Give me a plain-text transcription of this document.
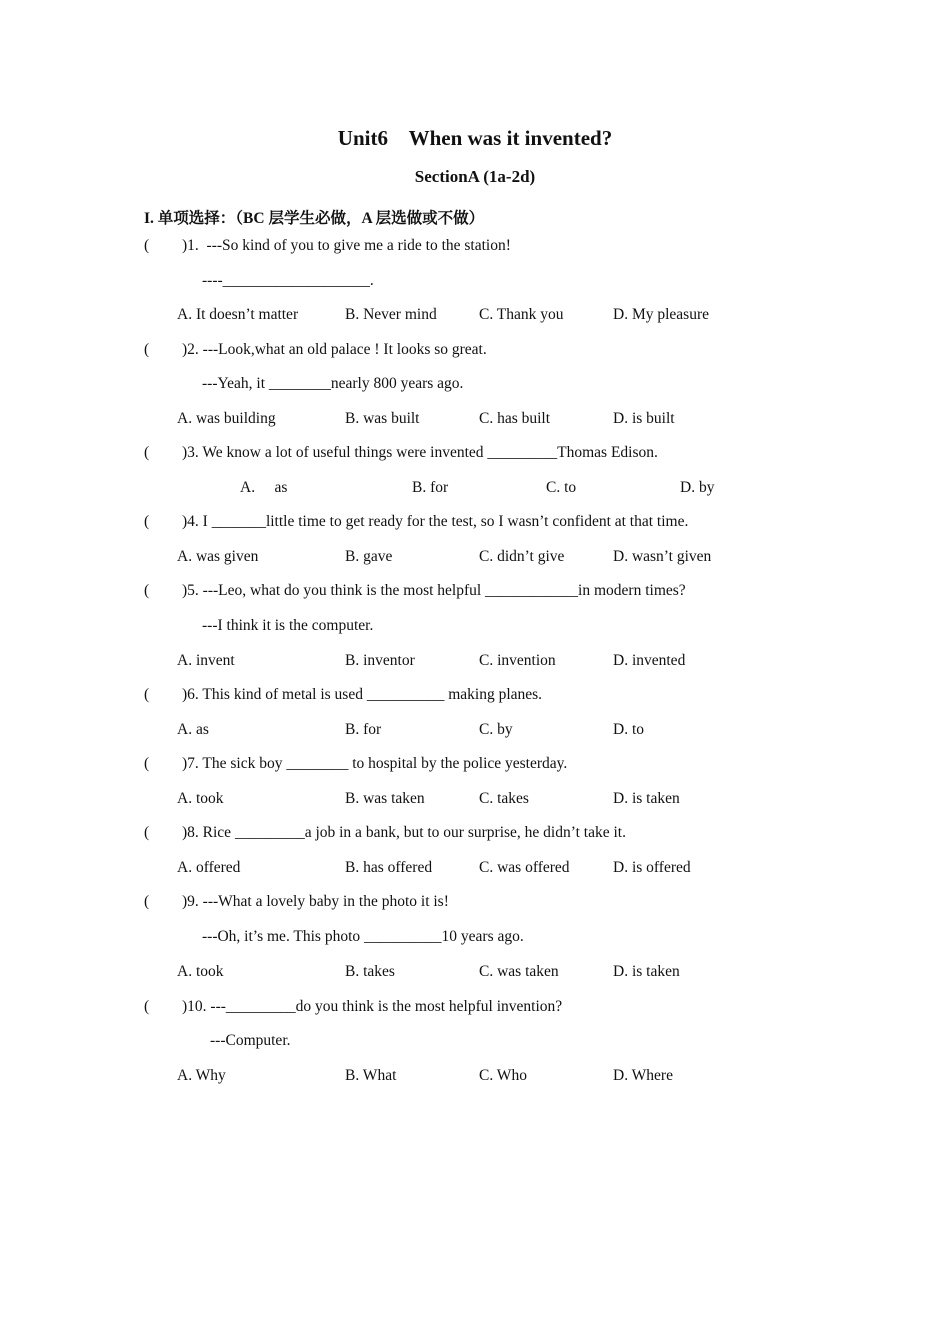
Unit6    When was it invented?
SectionA (1a-2d)
I. 单项选择：（BC 层学生必做，A 层选做或不做）
( )1.  ---So kind of you to give me a ride to the station!
----___________________.
A. It doesn’t matter	B. Never mind	C. Thank you	D. My pleasure
( )2. ---Look,what an old palace ! It looks so great.
---Yeah, it ________nearly 800 years ago.
A. was building	B. was built	C. has built	D. is built
( )3. We know a lot of useful things were invented _________Thomas Edison.
A.     as	B. for	C. to	D. by
( )4. I _______little time to get ready for the test, so I wasn’t confident at that time.
A. was given	B. gave	C. didn’t give	D. wasn’t given
( )5. ---Leo, what do you think is the most helpful ____________in modern times?
---I think it is the computer.
A. invent	B. inventor	C. invention	D. invented
( )6. This kind of metal is used __________ making planes.
A. as	B. for	C. by	D. to
( )7. The sick boy ________ to hospital by the police yesterday.
A. took	B. was taken	C. takes	D. is taken
( )8. Rice _________a job in a bank, but to our surprise, he didn’t take it.
A. offered	B. has offered	C. was offered	D. is offered
( )9. ---What a lovely baby in the photo it is!
---Oh, it’s me. This photo __________10 years ago.
A. took	B. takes	C. was taken	D. is taken
( )10. ---_________do you think is the most helpful invention?
---Computer.
A. Why	B. What	C. Who	D. Where
